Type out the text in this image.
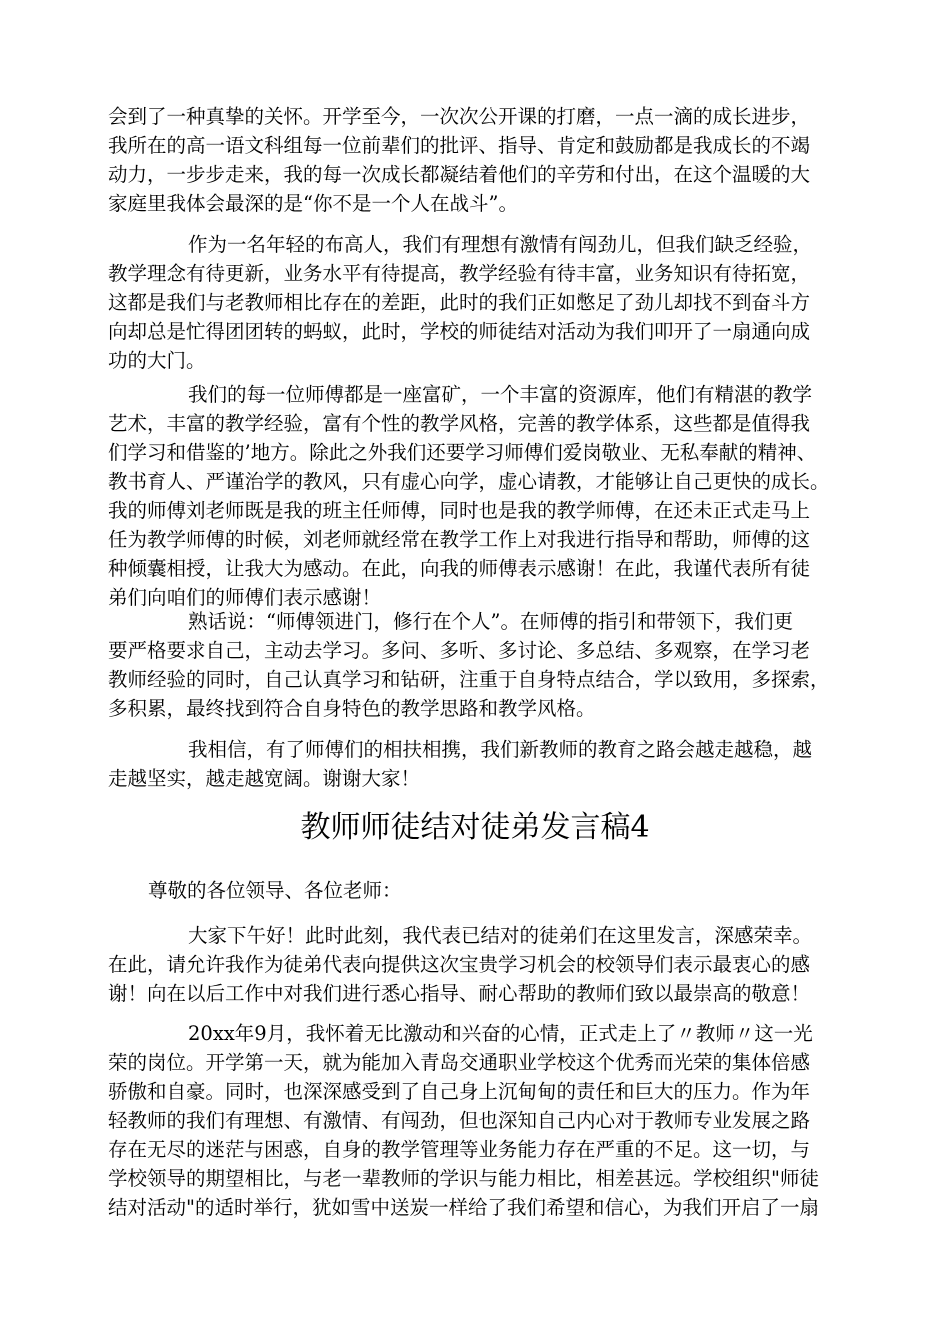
会到了一种真挚的关怀。开学至今，一次次公开课的打磨，一点一滴的成长进步，
我所在的高一语文科组每一位前辈们的批评、指导、肯定和鼓励都是我成长的不竭
动力，一步步走来，我的每一次成长都凝结着他们的辛劳和付出，在这个温暖的大
家庭里我体会最深的是“你不是一个人在战斗”。

作为一名年轻的布高人，我们有理想有激情有闯劲儿，但我们缺乏经验，
教学理念有待更新，业务水平有待提高，教学经验有待丰富，业务知识有待拓宽，
这都是我们与老教师相比存在的差距，此时的我们正如憋足了劲儿却找不到奋斗方
向却总是忙得团团转的蚂蚁，此时，学校的师徒结对活动为我们叩开了一扇通向成
功的大门。

我们的每一位师傅都是一座富矿，一个丰富的资源库，他们有精湛的教学
艺术，丰富的教学经验，富有个性的教学风格，完善的教学体系，这些都是值得我
们学习和借鉴的’地方。除此之外我们还要学习师傅们爱岗敬业、无私奉献的精神、
教书育人、严谨治学的教风，只有虚心向学，虚心请教，才能够让自己更快的成长。
我的师傅刘老师既是我的班主任师傅，同时也是我的教学师傅，在还未正式走马上
任为教学师傅的时候，刘老师就经常在教学工作上对我进行指导和帮助，师傅的这
种倾囊相授，让我大为感动。在此，向我的师傅表示感谢！在此，我谨代表所有徒
弟们向咱们的师傅们表示感谢！

熟话说：“师傅领进门，修行在个人”。在师傅的指引和带领下，我们更
要严格要求自己，主动去学习。多问、多听、多讨论、多总结、多观察，在学习老
教师经验的同时，自己认真学习和钻研，注重于自身特点结合，学以致用，多探索，
多积累，最终找到符合自身特色的教学思路和教学风格。

我相信，有了师傅们的相扶相携，我们新教师的教育之路会越走越稳，越
走越坚实，越走越宽阔。谢谢大家！

教师师徒结对徒弟发言稿4

尊敬的各位领导、各位老师：

大家下午好！此时此刻，我代表已结对的徒弟们在这里发言，深感荣幸。
在此，请允许我作为徒弟代表向提供这次宝贵学习机会的校领导们表示最衷心的感
谢！向在以后工作中对我们进行悉心指导、耐心帮助的教师们致以最崇高的敬意！

20xx年9月，我怀着无比激动和兴奋的心情，正式走上了〃教师〃这一光
荣的岗位。开学第一天，就为能加入青岛交通职业学校这个优秀而光荣的集体倍感
骄傲和自豪。同时，也深深感受到了自己身上沉甸甸的责任和巨大的压力。作为年
轻教师的我们有理想、有激情、有闯劲，但也深知自己内心对于教师专业发展之路
存在无尽的迷茫与困惑，自身的教学管理等业务能力存在严重的不足。这一切，与
学校领导的期望相比，与老一辈教师的学识与能力相比，相差甚远。学校组织"师徒
结对活动"的适时举行，犹如雪中送炭一样给了我们希望和信心，为我们开启了一扇
